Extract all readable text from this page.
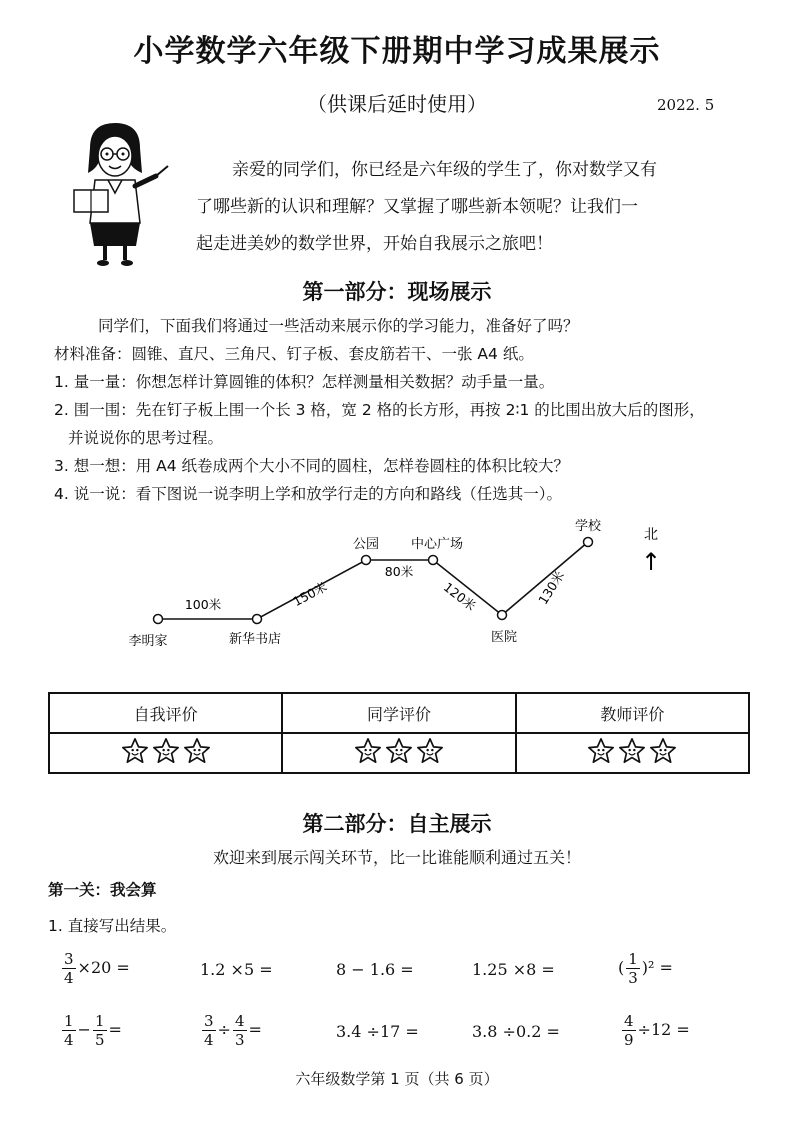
小学数学六年级下册期中学习成果展示
（供课后延时使用）	2022. 5
亲爱的同学们，你已经是六年级的学生了，你对数学又有
了哪些新的认识和理解？又掌握了哪些新本领呢？让我们一
起走进美妙的数学世界，开始自我展示之旅吧！
第一部分：现场展示
同学们，下面我们将通过一些活动来展示你的学习能力，准备好了吗？
材料准备：圆锥、直尺、三角尺、钉子板、套皮筋若干、一张 A4 纸。
1. 量一量：你想怎样计算圆锥的体积？怎样测量相关数据？动手量一量。
2. 围一围：先在钉子板上围一个长 3 格，宽 2 格的长方形，再按 2∶1 的比围出放大后的图形，
并说说你的思考过程。
3. 想一想：用 A4 纸卷成两个大小不同的圆柱，怎样卷圆柱的体积比较大？
4. 说一说：看下图说一说李明上学和放学行走的方向和路线（任选其一）。
李明家	新华书店
公园 中心广场
医院
学校
100米	150米
80米
120米	130米
北
↑
自我评价	同学评价	教师评价

第二部分：自主展示
欢迎来到展示闯关环节，比一比谁能顺利通过五关！
第一关：我会算
1. 直接写出结果。
$\frac{3}{4} \times 20$ =	1.2 ×5 =	8 − 1.6 =	1.25 ×8 =	( $\frac{1}{3} )^2$ =
$\frac{1}{4} - \frac{1}{5}$ =	$\frac{3}{4} \div \frac{4}{3}$ =	3.4 ÷17 =	3.8 ÷0.2 =	$\frac{4}{9} \div 12$ =
六年级数学第 1 页（共 6 页）
